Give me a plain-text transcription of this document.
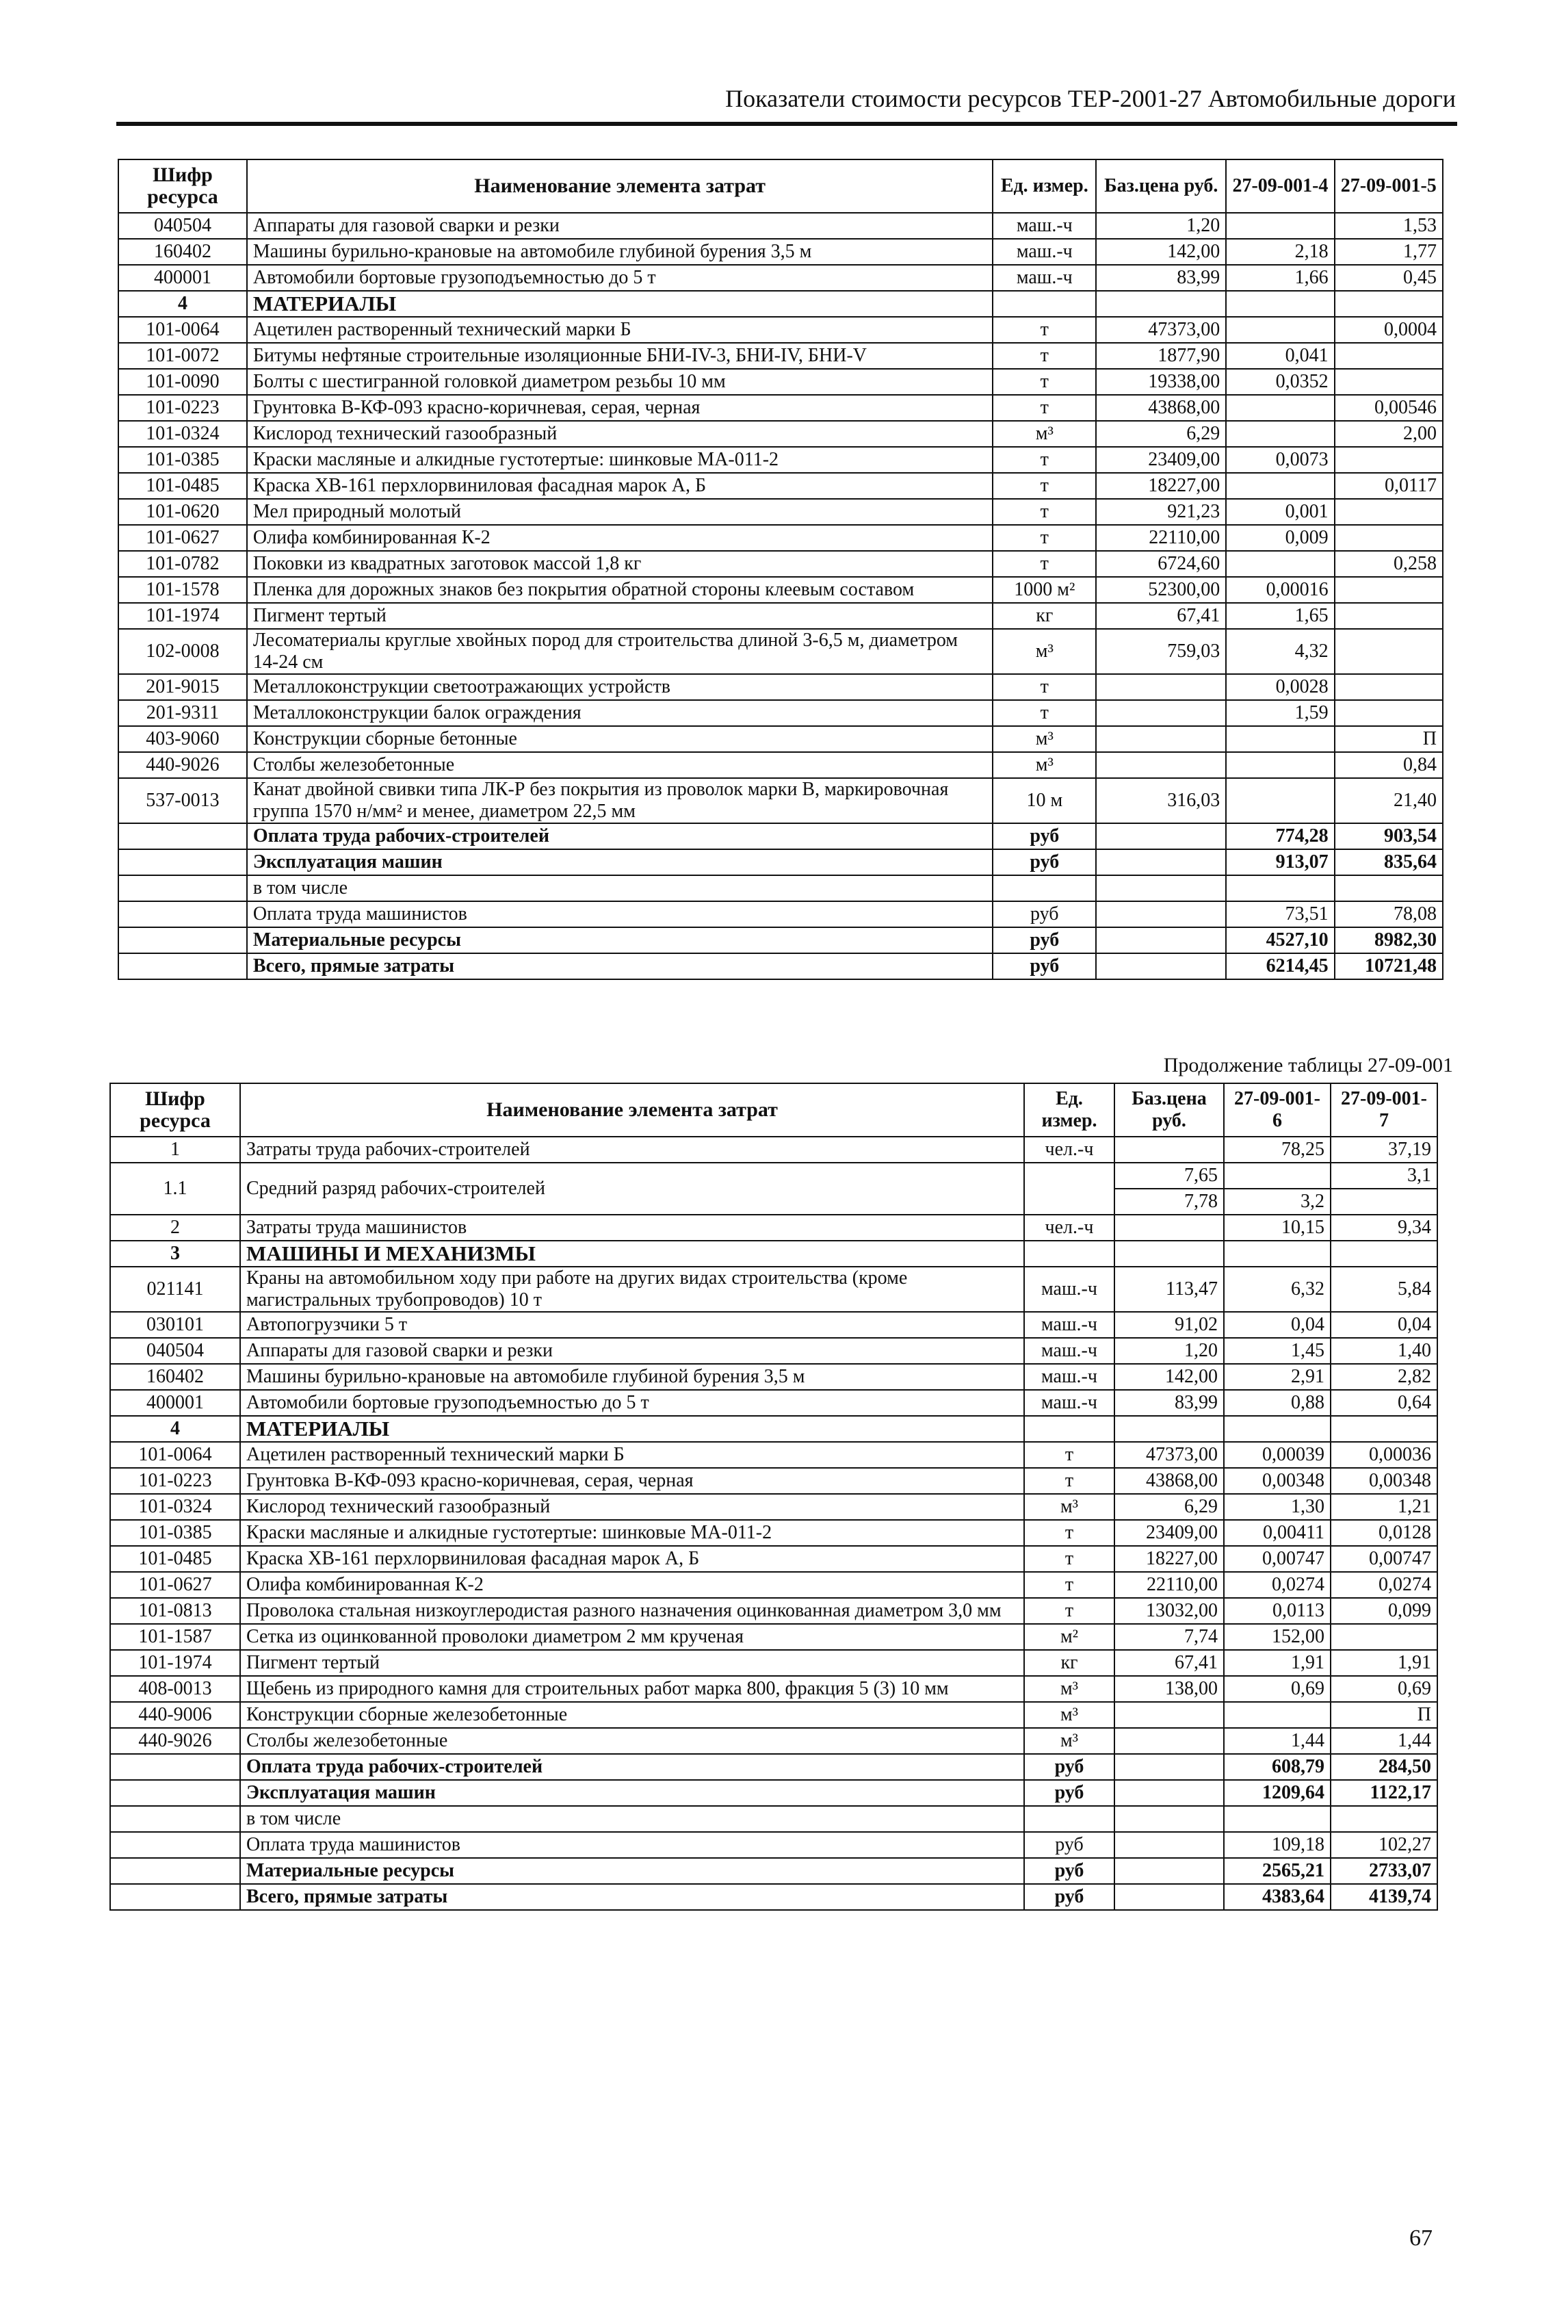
Показатели стоимости ресурсов ТЕР-2001-27 Автомобильные дороги
Шифр ресурса	Наименование элемента затрат	Ед. измер.	Баз.цена руб.	27-09-001-4	27-09-001-5
040504	Аппараты для газовой сварки и резки	маш.-ч	1,20		1,53
160402	Машины бурильно-крановые на автомобиле глубиной бурения 3,5 м	маш.-ч	142,00	2,18	1,77
400001	Автомобили бортовые грузоподъемностью до 5 т	маш.-ч	83,99	1,66	0,45
4	МАТЕРИАЛЫ				
101-0064	Ацетилен растворенный технический марки Б	т	47373,00		0,0004
101-0072	Битумы нефтяные строительные изоляционные БНИ-IV-3, БНИ-IV, БНИ-V	т	1877,90	0,041	
101-0090	Болты с шестигранной головкой диаметром резьбы 10 мм	т	19338,00	0,0352	
101-0223	Грунтовка В-КФ-093 красно-коричневая, серая, черная	т	43868,00		0,00546
101-0324	Кислород технический газообразный	м³	6,29		2,00
101-0385	Краски масляные и алкидные густотертые: шинковые МА-011-2	т	23409,00	0,0073	
101-0485	Краска ХВ-161 перхлорвиниловая фасадная марок А, Б	т	18227,00		0,0117
101-0620	Мел природный молотый	т	921,23	0,001	
101-0627	Олифа комбинированная К-2	т	22110,00	0,009	
101-0782	Поковки из квадратных заготовок массой 1,8 кг	т	6724,60		0,258
101-1578	Пленка для дорожных знаков без покрытия обратной стороны клеевым составом	1000 м²	52300,00	0,00016	
101-1974	Пигмент тертый	кг	67,41	1,65	
102-0008	Лесоматериалы круглые хвойных пород для строительства длиной 3-6,5 м, диаметром 14-24 см	м³	759,03	4,32	
201-9015	Металлоконструкции светоотражающих устройств	т		0,0028	
201-9311	Металлоконструкции балок ограждения	т		1,59	
403-9060	Конструкции сборные бетонные	м³			П
440-9026	Столбы железобетонные	м³			0,84
537-0013	Канат двойной свивки типа ЛК-Р без покрытия из проволок марки В, маркировочная группа 1570 н/мм² и менее, диаметром 22,5 мм	10 м	316,03		21,40
	Оплата труда рабочих-строителей	руб		774,28	903,54
	Эксплуатация машин	руб		913,07	835,64
	в том числе				
	Оплата труда машинистов	руб		73,51	78,08
	Материальные ресурсы	руб		4527,10	8982,30
	Всего, прямые затраты	руб		6214,45	10721,48
Продолжение таблицы 27-09-001
Шифр ресурса	Наименование элемента затрат	Ед. измер.	Баз.цена руб.	27-09-001-6	27-09-001-7
1	Затраты труда рабочих-строителей	чел.-ч		78,25	37,19
1.1	Средний разряд рабочих-строителей		7,65		3,1
			7,78	3,2	
2	Затраты труда машинистов	чел.-ч		10,15	9,34
3	МАШИНЫ И МЕХАНИЗМЫ				
021141	Краны на автомобильном ходу при работе на других видах строительства (кроме магистральных трубопроводов) 10 т	маш.-ч	113,47	6,32	5,84
030101	Автопогрузчики 5 т	маш.-ч	91,02	0,04	0,04
040504	Аппараты для газовой сварки и резки	маш.-ч	1,20	1,45	1,40
160402	Машины бурильно-крановые на автомобиле глубиной бурения 3,5 м	маш.-ч	142,00	2,91	2,82
400001	Автомобили бортовые грузоподъемностью до 5 т	маш.-ч	83,99	0,88	0,64
4	МАТЕРИАЛЫ				
101-0064	Ацетилен растворенный технический марки Б	т	47373,00	0,00039	0,00036
101-0223	Грунтовка В-КФ-093 красно-коричневая, серая, черная	т	43868,00	0,00348	0,00348
101-0324	Кислород технический газообразный	м³	6,29	1,30	1,21
101-0385	Краски масляные и алкидные густотертые: шинковые МА-011-2	т	23409,00	0,00411	0,0128
101-0485	Краска ХВ-161 перхлорвиниловая фасадная марок А, Б	т	18227,00	0,00747	0,00747
101-0627	Олифа комбинированная К-2	т	22110,00	0,0274	0,0274
101-0813	Проволока стальная низкоуглеродистая разного назначения оцинкованная диаметром 3,0 мм	т	13032,00	0,0113	0,099
101-1587	Сетка из оцинкованной проволоки диаметром 2 мм крученая	м²	7,74	152,00	
101-1974	Пигмент тертый	кг	67,41	1,91	1,91
408-0013	Щебень из природного камня для строительных работ марка 800, фракция 5 (3) 10 мм	м³	138,00	0,69	0,69
440-9006	Конструкции сборные железобетонные	м³			П
440-9026	Столбы железобетонные	м³		1,44	1,44
	Оплата труда рабочих-строителей	руб		608,79	284,50
	Эксплуатация машин	руб		1209,64	1122,17
	в том числе				
	Оплата труда машинистов	руб		109,18	102,27
	Материальные ресурсы	руб		2565,21	2733,07
	Всего, прямые затраты	руб		4383,64	4139,74
67
